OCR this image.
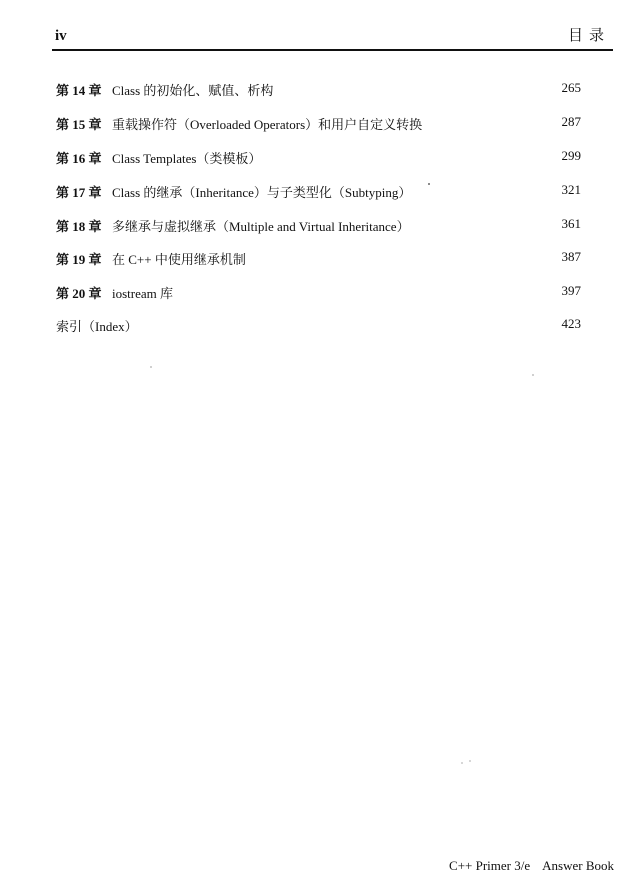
iv	目录
第 14 章 Class 的初始化、赋值、析构	265
第 15 章 重载操作符（Overloaded Operators）和用户自定义转换	287
第 16 章 Class Templates（类模板）	299
第 17 章 Class 的继承（Inheritance）与子类型化（Subtyping）	321
第 18 章 多继承与虚拟继承（Multiple and Virtual Inheritance）	361
第 19 章 在 C++ 中使用继承机制	387
第 20 章 iostream 库	397
索引（Index）	423
C++ Primer 3/e Answer Book
